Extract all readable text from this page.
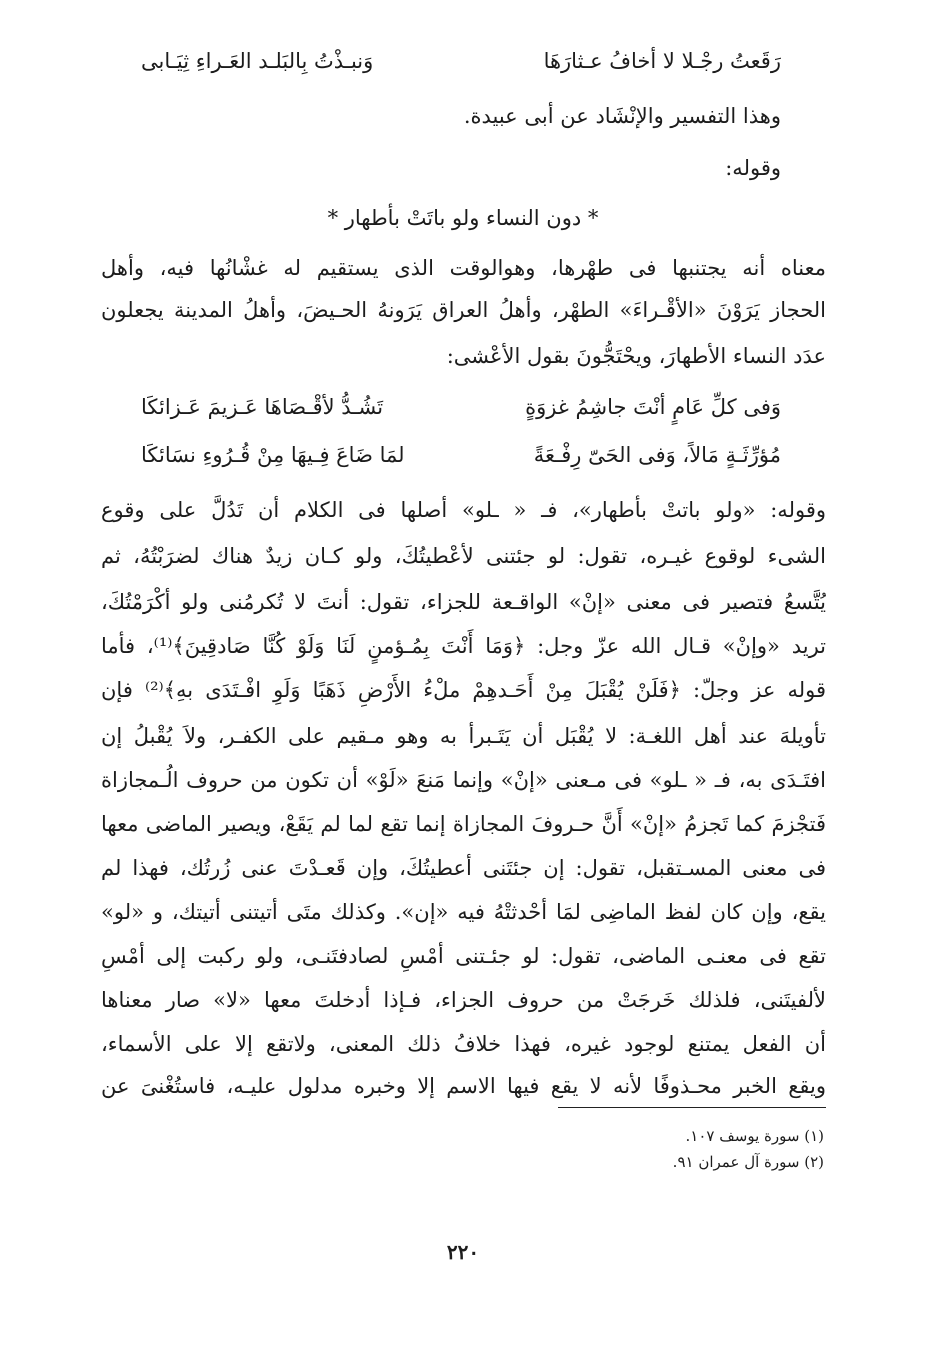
رَقَعتُ رجْـلا لا أخافُ عـثارَهَا
وَنبـذْتُ بِالبَلـد العَـراءِ ثِيَـابى
وهذا التفسير والإنْشَاد عن أبى عبيدة.
وقوله:
* دون النساء ولو باتَتْ بأطهار *
معناه أنه يجتنبها فى طهْرها، وهوالوقت الذى يستقيم له غشْانُها فيه، وأهل
الحجاز يَرَوْنَ «الأقْـراءَ» الطهْر، وأهلُ العراق يَرَونهُ الحـيضَ، وأهلُ المدينة يجعلون
عدَد النساء الأطهارَ، ويحْتَجُّونَ بقول الأعْشى:
وَفى كلِّ عَامٍ أنْتَ جاشِمُ غزوَةٍ
تَشُـدُّ لأقْـصَاهَا عَـزيمَ عَـزائكَا
مُؤرِّثَـةٍ مَالاً، وَفى الحَىّ رِفْـعَةً
لمَا ضَاعَ فِـيهَا مِنْ قُـرُوءِ نسَائكَا
وقوله: «ولو باتتْ بأطهار»، فـ « ـلو» أصلها فى الكلام أن تَدُلَّ على وقوع
الشىء لوقوع غيـره، تقول: لو جئتنى لأعْطيتُكَ، ولو كـان زيدٌ هناك لضرَبْتُهُ، ثم
يُتَّسعُ فتصير فى معنى «إنْ» الواقـعة للجزاء، تقول: أنتَ لا تُكرمُنى ولو أكْرَمْتُكَ،
تريد «وإنْ» قـال الله عزّ وجل: ﴿وَمَا أَنْتَ بِمُـؤمنٍ لَنَا وَلَوْ كُنَّا صَادقِينَ﴾⁽¹⁾، فأما
قوله عز وجلّ: ﴿فَلَنْ يُقْبَلَ مِنْ أَحَـدهِمْ ملْءُ الأَرْضِ ذَهَبًا وَلَوِ افْـتَدَى بهِ﴾⁽²⁾ فإن
تأويلهَ عند أهل اللغـة: لا يُقْبَل أن يَتَـبرأ به وهو مـقيم على الكفـر، ولاَ يُقْبلُ إن
افتَـدَى به، فـ « ـلو» فى مـعنى «إنْ» وإنما مَنعَ «لَوْ» أن تكون من حروف الُـمجازاة
فَتجْزمَ كما تَجزمُ «إنْ» أَنَّ حـروفَ المجازاة إنما تقع لما لم يَقَعْ، ويصير الماضى معها
فى معنى المسـتقبل، تقول: إن جئتَنى أعطيتُكَ، وإن قَعـدْتَ عنى زُرتُك، فهذا لم
يقع، وإن كان لفظ الماضِى لمَا أحْدثتْهُ فيه «إن». وكذلك متَى أتيتنى أتيتك، و «لو»
تقع فى معنـى الماضى، تقول: لو جئـتنى أمْسِ لصادفتَنـى، ولو ركبت إلى أمْسِ
لألفيتَنى، فلذلك خَرجَتْ من حروف الجزاء، فـإذا أدخلتَ معها «لا» صار معناها
أن الفعل يمتنع لوجود غيره، فهذا خلافُ ذلك المعنى، ولاتقع إلا على الأسماء،
ويقع الخبر محـذوفًا لأنه لا يقع فيها الاسم إلا وخبره مدلول عليـه، فاستُغْنىَ عن
(١) سورة يوسف ١٠٧.
(٢) سورة آل عمران ٩١.
٢٢٠
